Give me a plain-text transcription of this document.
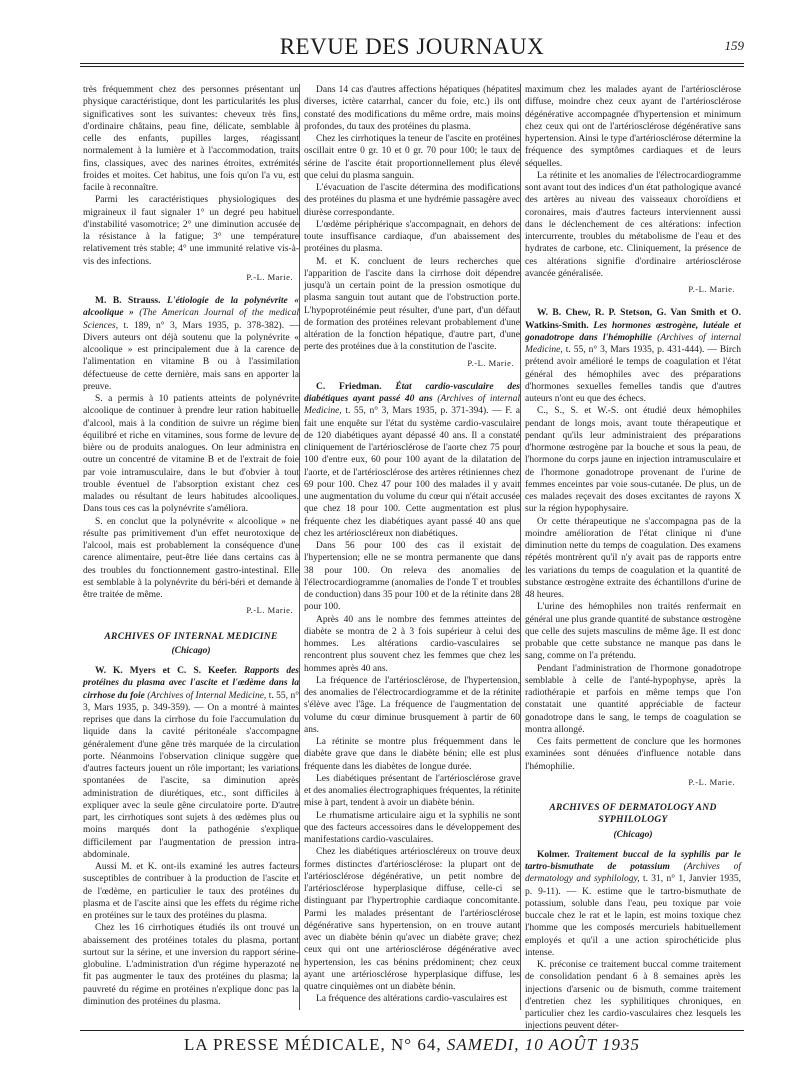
REVUE DES JOURNAUX	159

très fréquemment chez des personnes présentant un physique caractéristique, dont les particularités les plus significatives sont les suivantes: cheveux très fins, d'ordinaire châtains, peau fine, délicate, semblable à celle des enfants, pupilles larges, réagissant normalement à la lumière et à l'accommodation, traits fins, classiques, avec des narines étroites, extrémités froides et moites. Cet habitus, une fois qu'on l'a vu, est facile à reconnaître.

Parmi les caractéristiques physiologiques des migraineux il faut signaler 1° un degré peu habituel d'instabilité vasomotrice; 2° une diminution accusée de la résistance à la fatigue; 3° une température relativement très stable; 4° une immunité relative vis-à-vis des infections.

P.-L. Marie.

M. B. Strauss. L'étiologie de la polynévrite « alcoolique » (The American Journal of the medical Sciences, t. 189, n° 3, Mars 1935, p. 378-382). — Divers auteurs ont déjà soutenu que la polynévrite « alcoolique » est principalement due à la carence de l'alimentation en vitamine B ou à l'assimilation défectueuse de cette dernière, mais sans en apporter la preuve.

S. a permis à 10 patients atteints de polynévrite alcoolique de continuer à prendre leur ration habituelle d'alcool, mais à la condition de suivre un régime bien équilibré et riche en vitamines, sous forme de levure de bière ou de produits analogues. On leur administra en outre un concentré de vitamine B et de l'extrait de foie par voie intramusculaire, dans le but d'obvier à tout trouble éventuel de l'absorption existant chez ces malades ou résultant de leurs habitudes alcooliques. Dans tous ces cas la polynévrite s'améliora.

S. en conclut que la polynévrite « alcoolique » ne résulte pas primitivement d'un effet neurotoxique de l'alcool, mais est probablement la conséquence d'une carence alimentaire, peut-être liée dans certains cas à des troubles du fonctionnement gastro-intestinal. Elle est semblable à la polynévrite du béri-béri et demande à être traitée de même.

P.-L. Marie.
ARCHIVES OF INTERNAL MEDICINE
(Chicago)

W. K. Myers et C. S. Keefer. Rapports des protéines du plasma avec l'ascite et l'œdème dans la cirrhose du foie (Archives of Internal Medicine, t. 55, n° 3, Mars 1935, p. 349-359). — On a montré à maintes reprises que dans la cirrhose du foie l'accumulation du liquide dans la cavité péritonéale s'accompagne généralement d'une gêne très marquée de la circulation porte. Néanmoins l'observation clinique suggère que d'autres facteurs jouent un rôle important; les variations spontanées de l'ascite, sa diminution après administration de diurétiques, etc., sont difficiles à expliquer avec la seule gêne circulatoire porte. D'autre part, les cirrhotiques sont sujets à des œdèmes plus ou moins marqués dont la pathogénie s'explique difficilement par l'augmentation de pression intra-abdominale.

Aussi M. et K. ont-ils examiné les autres facteurs susceptibles de contribuer à la production de l'ascite et de l'œdème, en particulier le taux des protéines du plasma et de l'ascite ainsi que les effets du régime riche en protéines sur le taux des protéines du plasma.

Chez les 16 cirrhotiques étudiés ils ont trouvé un abaissement des protéines totales du plasma, portant surtout sur la sérine, et une inversion du rapport sérine-globuline. L'administration d'un régime hyperazoté ne fit pas augmenter le taux des protéines du plasma; la pauvreté du régime en protéines n'explique donc pas la diminution des protéines du plasma.

Dans 14 cas d'autres affections hépatiques (hépatites diverses, ictère catarrhal, cancer du foie, etc.) ils ont constaté des modifications du même ordre, mais moins profondes, du taux des protéines du plasma.

Chez les cirrhotiques la teneur de l'ascite en protéines oscillait entre 0 gr. 10 et 0 gr. 70 pour 100; le taux de sérine de l'ascite était proportionnellement plus élevé que celui du plasma sanguin.

L'évacuation de l'ascite détermina des modifications des protéines du plasma et une hydrémie passagère avec diurèse correspondante.

L'œdème périphérique s'accompagnait, en dehors de toute insuffisance cardiaque, d'un abaissement des protéines du plasma.

M. et K. concluent de leurs recherches que l'apparition de l'ascite dans la cirrhose doit dépendre jusqu'à un certain point de la pression osmotique du plasma sanguin tout autant que de l'obstruction porte. L'hypoprotéinémie peut résulter, d'une part, d'un défaut de formation des protéines relevant probablement d'une altération de la fonction hépatique, d'autre part, d'une perte des protéines due à la constitution de l'ascite.

P.-L. Marie.

C. Friedman. État cardio-vasculaire des diabétiques ayant passé 40 ans (Archives of internal Medicine, t. 55, n° 3, Mars 1935, p. 371-394). — F. a fait une enquête sur l'état du système cardio-vasculaire de 120 diabétiques ayant dépassé 40 ans. Il a constaté cliniquement de l'artériosclérose de l'aorte chez 75 pour 100 d'entre eux, 60 pour 100 ayant de la dilatation de l'aorte, et de l'artériosclérose des artères rétiniennes chez 69 pour 100. Chez 47 pour 100 des malades il y avait une augmentation du volume du cœur qui n'était accusée que chez 18 pour 100. Cette augmentation est plus fréquente chez les diabétiques ayant passé 40 ans que chez les artérioscléreux non diabétiques.

Dans 56 pour 100 des cas il existait de l'hypertension; elle ne se montra permanente que dans 38 pour 100. On releva des anomalies de l'électrocardiogramme (anomalies de l'onde T et troubles de conduction) dans 35 pour 100 et de la rétinite dans 28 pour 100.

Après 40 ans le nombre des femmes atteintes de diabète se montra de 2 à 3 fois supérieur à celui des hommes. Les altérations cardio-vasculaires se rencontrent plus souvent chez les femmes que chez les hommes après 40 ans.

La fréquence de l'artériosclérose, de l'hypertension, des anomalies de l'électrocardiogramme et de la rétinite s'élève avec l'âge. La fréquence de l'augmentation de volume du cœur diminue brusquement à partir de 60 ans.

La rétinite se montre plus fréquemment dans le diabète grave que dans le diabète bénin; elle est plus fréquente dans les diabètes de longue durée.

Les diabétiques présentant de l'artériosclérose grave et des anomalies électrographiques fréquentes, la rétinite mise à part, tendent à avoir un diabète bénin.

Le rhumatisme articulaire aigu et la syphilis ne sont que des facteurs accessoires dans le développement des manifestations cardio-vasculaires.

Chez les diabétiques artérioscléreux on trouve deux formes distinctes d'artériosclérose: la plupart ont de l'artériosclérose dégénérative, un petit nombre de l'artériosclérose hyperplasique diffuse, celle-ci se distinguant par l'hypertrophie cardiaque concomitante. Parmi les malades présentant de l'artériosclérose dégénérative sans hypertension, on en trouve autant avec un diabète bénin qu'avec un diabète grave; chez ceux qui ont une artériosclérose dégénérative avec hypertension, les cas bénins prédominent; chez ceux ayant une artériosclérose hyperplasique diffuse, les quatre cinquièmes ont un diabète bénin.

La fréquence des altérations cardio-vasculaires est

maximum chez les malades ayant de l'artériosclérose diffuse, moindre chez ceux ayant de l'artériosclérose dégénérative accompagnée d'hypertension et minimum chez ceux qui ont de l'artériosclérose dégénérative sans hypertension. Ainsi le type d'artériosclérose détermine la fréquence des symptômes cardiaques et de leurs séquelles.

La rétinite et les anomalies de l'électrocardiogramme sont avant tout des indices d'un état pathologique avancé des artères au niveau des vaisseaux choroïdiens et coronaires, mais d'autres facteurs interviennent aussi dans le déclenchement de ces altérations: infection intercurrente, troubles du métabolisme de l'eau et des hydrates de carbone, etc. Cliniquement, la présence de ces altérations signifie d'ordinaire artériosclérose avancée généralisée.

P.-L. Marie.

W. B. Chew, R. P. Stetson, G. Van Smith et O. Watkins-Smith. Les hormones œstrogène, lutéale et gonadotrope dans l'hémophilie (Archives of internal Medicine, t. 55, n° 3, Mars 1935, p. 431-444). — Birch prétend avoir amélioré le temps de coagulation et l'état général des hémophiles avec des préparations d'hormones sexuelles femelles tandis que d'autres auteurs n'ont eu que des échecs.

C., S., S. et W.-S. ont étudié deux hémophiles pendant de longs mois, avant toute thérapeutique et pendant qu'ils leur administraient des préparations d'hormone œstrogène par la bouche et sous la peau, de l'hormone du corps jaune en injection intramusculaire et de l'hormone gonadotrope provenant de l'urine de femmes enceintes par voie sous-cutanée. De plus, un de ces malades reçevait des doses excitantes de rayons X sur la région hypophysaire.

Or cette thérapeutique ne s'accompagna pas de la moindre amélioration de l'état clinique ni d'une diminution nette du temps de coagulation. Des examens répétés montrèrent qu'il n'y avait pas de rapports entre les variations du temps de coagulation et la quantité de substance œstrogène extraite des échantillons d'urine de 48 heures.

L'urine des hémophiles non traités renfermait en général une plus grande quantité de substance œstrogène que celle des sujets masculins de même âge. Il est donc probable que cette substance ne manque pas dans le sang, comme on l'a prétendu.

Pendant l'administration de l'hormone gonadotrope semblable à celle de l'anté-hypophyse, après la radiothérapie et parfois en même temps que l'on constatait une quantité appréciable de facteur gonadotrope dans le sang, le temps de coagulation se montra allongé.

Ces faits permettent de conclure que les hormones examinées sont dénuées d'influence notable dans l'hémophilie.

P.-L. Marie.
ARCHIVES OF DERMATOLOGY AND SYPHILOLOGY
(Chicago)

Kolmer. Traitement buccal de la syphilis par le tartro-bismuthate de potassium (Archives of dermatology and syphilology, t. 31, n° 1, Janvier 1935, p. 9-11). — K. estime que le tartro-bismuthate de potassium, soluble dans l'eau, peu toxique par voie buccale chez le rat et le lapin, est moins toxique chez l'homme que les composés mercuriels habituellement employés et qu'il a une action spirochéticide plus intense.

K. préconise ce traitement buccal comme traitement de consolidation pendant 6 à 8 semaines après les injections d'arsenic ou de bismuth, comme traitement d'entretien chez les syphilitiques chroniques, en particulier chez les cardio-vasculaires chez lesquels les injections peuvent déter-

LA PRESSE MÉDICALE, N° 64, SAMEDI, 10 AOÛT 1935
